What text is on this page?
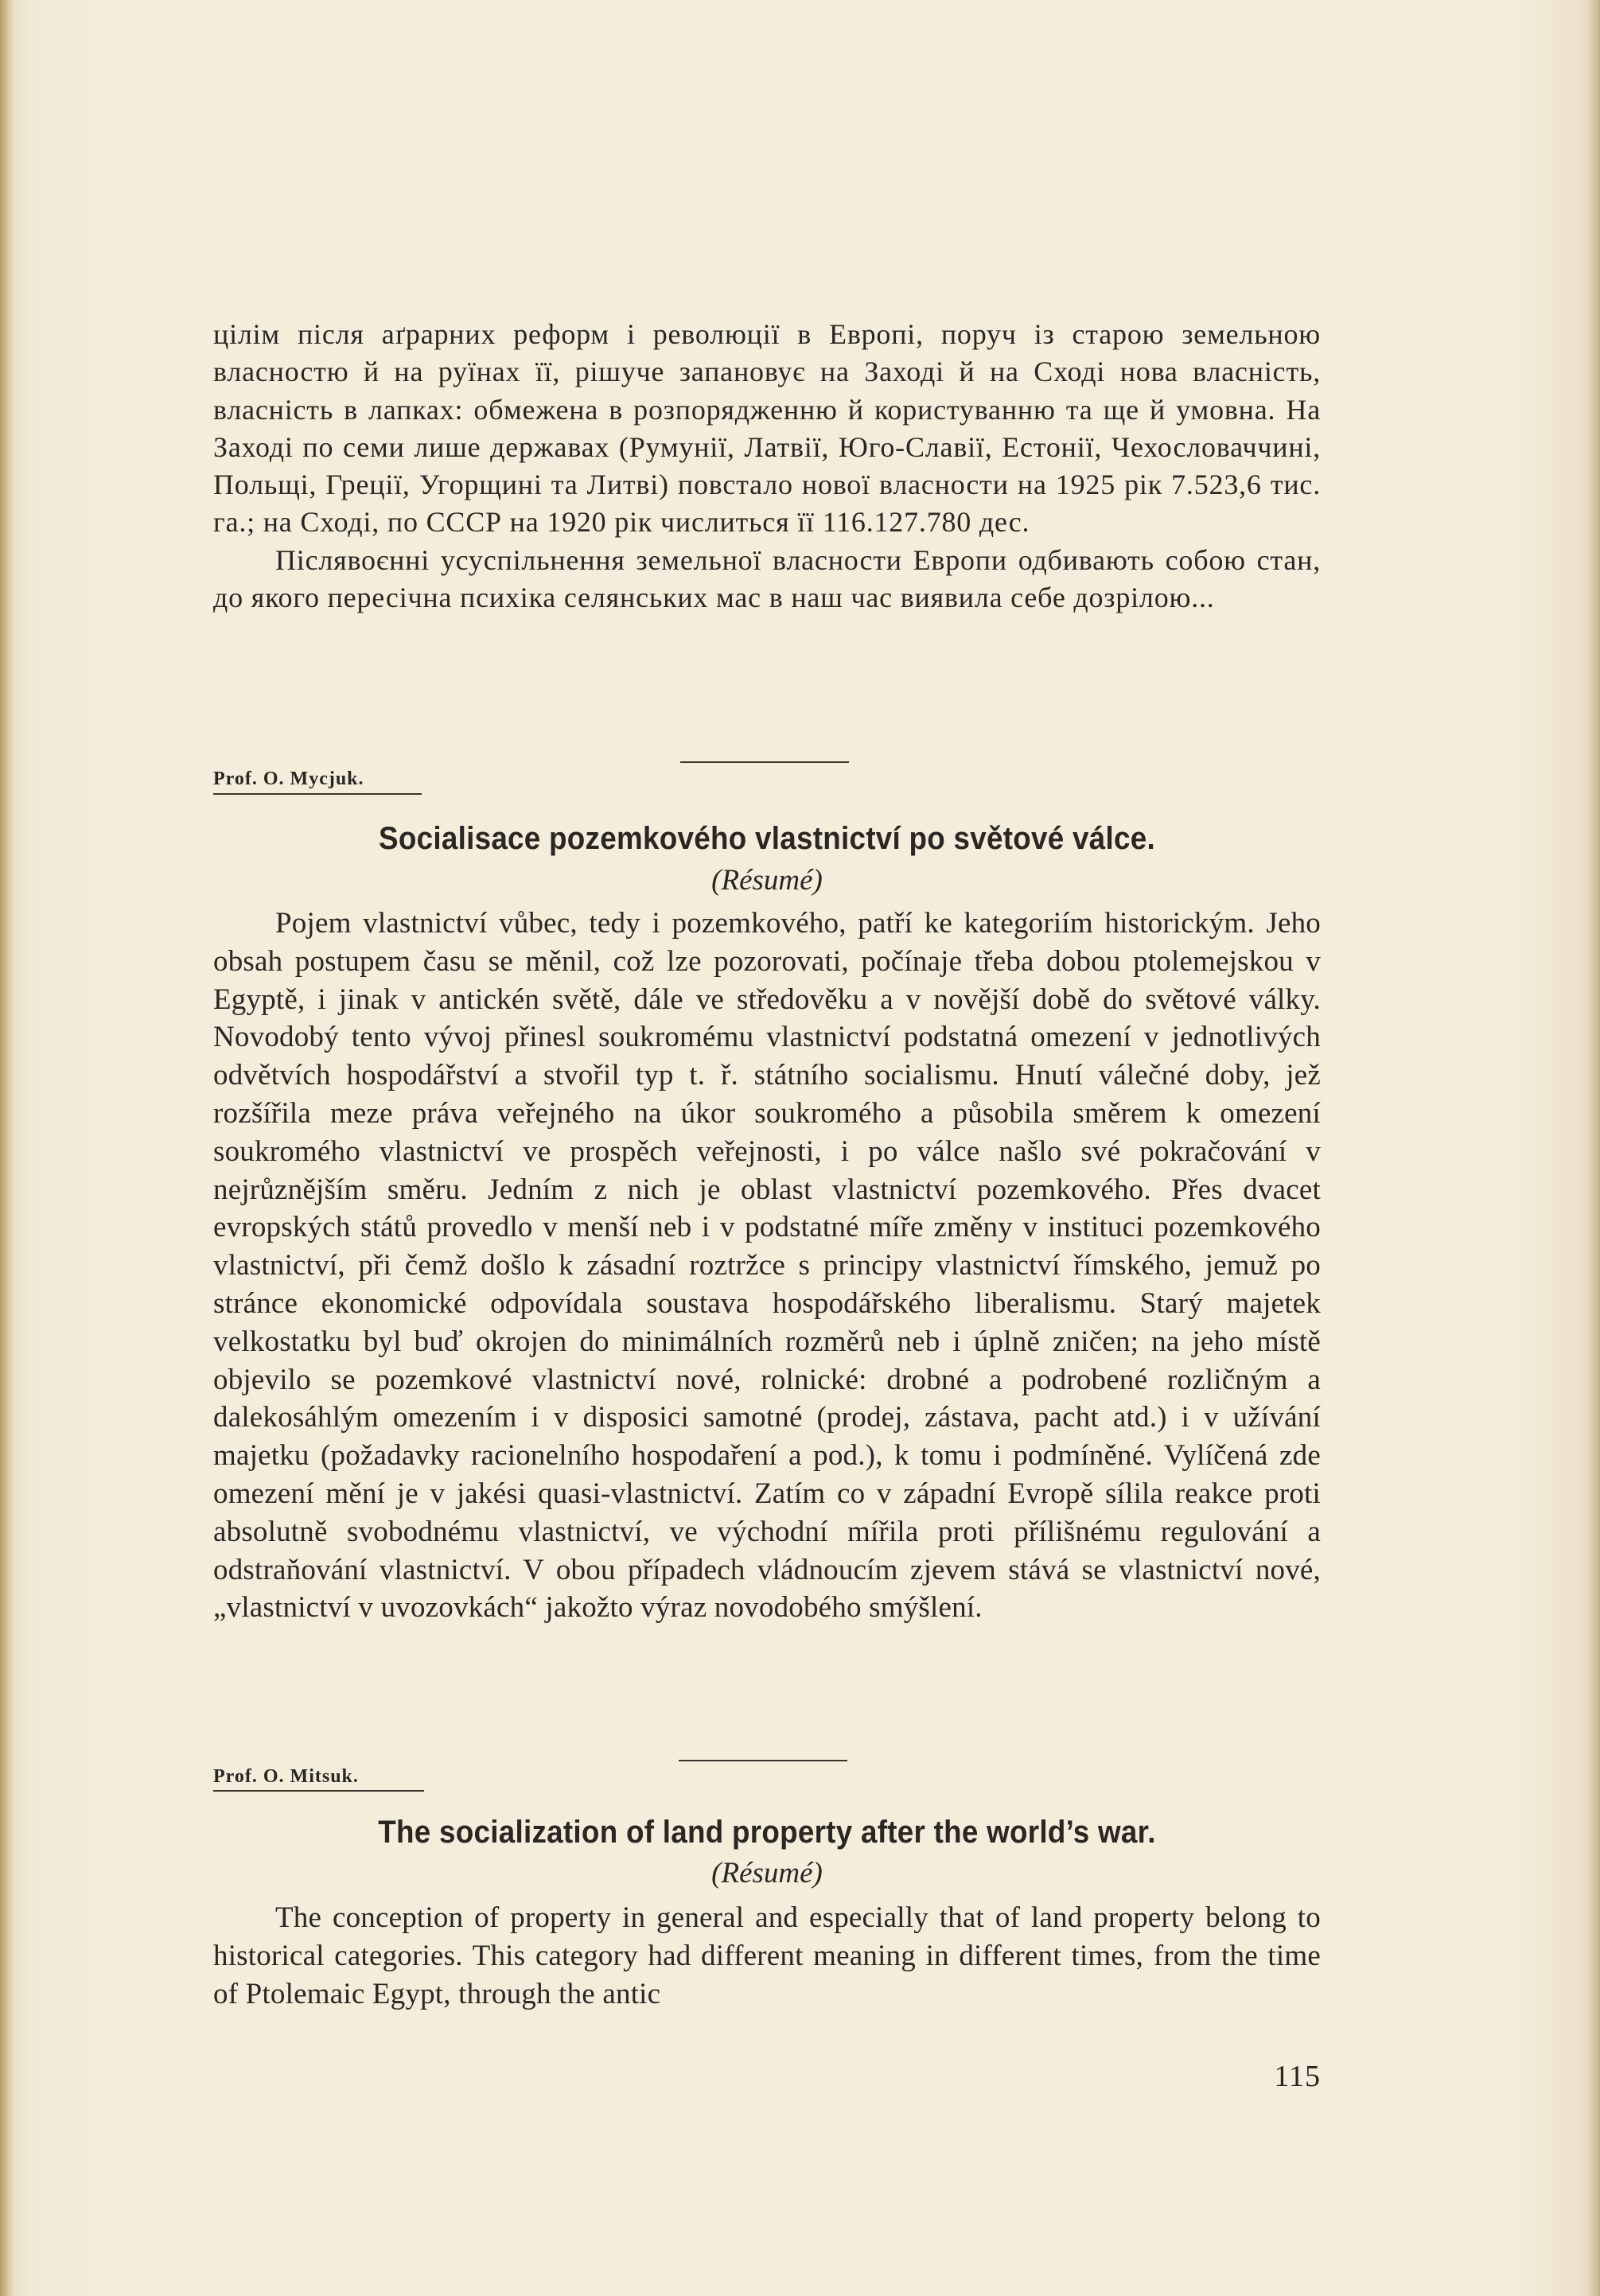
цілім після аґрарних реформ і революції в Европі, поруч із старою земельною власностю й на руїнах її, рішуче запановує на Заході й на Сході нова власність, власність в лапках: обмежена в розпорядженню й користуванню та ще й умовна. На Заході по семи лише державах (Румунії, Латвії, Юго-Славії, Естонії, Чехословаччині, Польщі, Греції, Угорщині та Литві) повстало нової власности на 1925 рік 7.523,6 тис. га.; на Сході, по СССР на 1920 рік числиться її 116.127.780 дес.

Післявоєнні усуспільнення земельної власности Европи одбивають собою стан, до якого пересічна психіка селянських мас в наш час виявила себе дозрілою...

Prof. O. Mycjuk.

Socialisace pozemkového vlastnictví po světové válce.

(Résumé)

Pojem vlastnictví vůbec, tedy i pozemkového, patří ke kategoriím historickým. Jeho obsah postupem času se měnil, což lze pozorovati, počínaje třeba dobou ptolemejskou v Egyptě, i jinak v antickén světě, dále ve středověku a v novější době do světové války. Novodobý tento vývoj přinesl soukromému vlastnictví podstatná omezení v jednotlivých odvětvích hospodářství a stvořil typ t. ř. státního socialismu. Hnutí válečné doby, jež rozšířila meze práva veřejného na úkor soukromého a působila směrem k omezení soukromého vlastnictví ve prospěch veřejnosti, i po válce našlo své pokračování v nejrůznějším směru. Jedním z nich je oblast vlastnictví pozemkového. Přes dvacet evropských států provedlo v menší neb i v podstatné míře změny v instituci pozemkového vlastnictví, při čemž došlo k zásadní roztržce s principy vlastnictví římského, jemuž po stránce ekonomické odpovídala soustava hospodářského liberalismu. Starý majetek velkostatku byl buď okrojen do minimálních rozměrů neb i úplně zničen; na jeho místě objevilo se pozemkové vlastnictví nové, rolnické: drobné a podrobené rozličným a dalekosáhlým omezením i v disposici samotné (prodej, zástava, pacht atd.) i v užívání majetku (požadavky racionelního hospodaření a pod.), k tomu i podmíněné. Vylíčená zde omezení mění je v jakési quasi-vlastnictví. Zatím co v západní Evropě sílila reakce proti absolutně svobodnému vlastnictví, ve východní mířila proti přílišnému regulování a odstraňování vlastnictví. V obou případech vládnoucím zjevem stává se vlastnictví nové, „vlastnictví v uvozovkách“ jakožto výraz novodobého smýšlení.

Prof. O. Mitsuk.

The socialization of land property after the world’s war.

(Résumé)

The conception of property in general and especially that of land property belong to historical categories. This category had different meaning in different times, from the time of Ptolemaic Egypt, through the antic

115
